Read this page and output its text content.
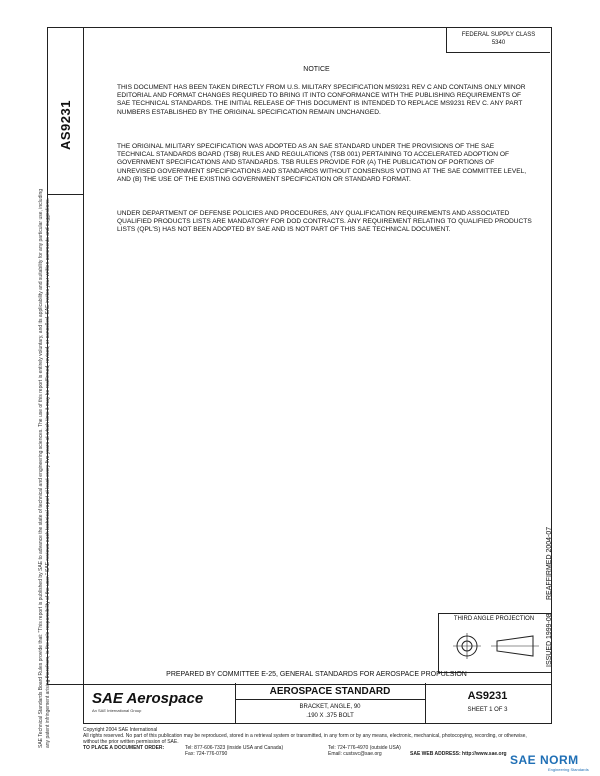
AS9231
FEDERAL SUPPLY CLASS
5340
NOTICE
THIS DOCUMENT HAS BEEN TAKEN DIRECTLY FROM U.S. MILITARY SPECIFICATION MS9231 REV C AND CONTAINS ONLY MINOR EDITORIAL AND FORMAT CHANGES REQUIRED TO BRING IT INTO CONFORMANCE WITH THE PUBLISHING REQUIREMENTS OF SAE TECHNICAL STANDARDS. THE INITIAL RELEASE OF THIS DOCUMENT IS INTENDED TO REPLACE MS9231 REV C. ANY PART NUMBERS ESTABLISHED BY THE ORIGINAL SPECIFICATION REMAIN UNCHANGED.
THE ORIGINAL MILITARY SPECIFICATION WAS ADOPTED AS AN SAE STANDARD UNDER THE PROVISIONS OF THE SAE TECHNICAL STANDARDS BOARD (TSB) RULES AND REGULATIONS (TSB 001) PERTAINING TO ACCELERATED ADOPTION OF GOVERNMENT SPECIFICATIONS AND STANDARDS. TSB RULES PROVIDE FOR (A) THE PUBLICATION OF PORTIONS OF UNREVISED GOVERNMENT SPECIFICATIONS AND STANDARDS WITHOUT CONSENSUS VOTING AT THE SAE COMMITTEE LEVEL, AND (B) THE USE OF THE EXISTING GOVERNMENT SPECIFICATION OR STANDARD FORMAT.
UNDER DEPARTMENT OF DEFENSE POLICIES AND PROCEDURES, ANY QUALIFICATION REQUIREMENTS AND ASSOCIATED QUALIFIED PRODUCTS LISTS ARE MANDATORY FOR DOD CONTRACTS. ANY REQUIREMENT RELATING TO QUALIFIED PRODUCTS LISTS (QPL'S) HAS NOT BEEN ADOPTED BY SAE AND IS NOT PART OF THIS SAE TECHNICAL DOCUMENT.
SAE Technical Standards Board Rules provide that: "This report is published by SAE to advance the state of technical and engineering sciences. The use of this report is entirely voluntary, and its applicability and suitability for any particular use, including any patent infringement arising therefrom, is the sole responsibility of the user." SAE reviews each technical report at least every five years at which time it may be reaffirmed, revised, or cancelled. SAE invites your written comments and suggestions.	REAFFIRMED 2004-07
ISSUED 1999-08
THIRD ANGLE PROJECTION
PREPARED BY COMMITTEE E-25, GENERAL STANDARDS FOR AEROSPACE PROPULSION
SAE Aerospace
An SAE International Group
AEROSPACE STANDARD
BRACKET, ANGLE, 90
.190 X .375 BOLT
AS9231
SHEET 1 OF 3
Copyright 2004 SAE International
All rights reserved. No part of this publication may be reproduced, stored in a retrieval system or transmitted, in any form or by any means, electronic, mechanical, photocopying, recording, or otherwise, without the prior written permission of SAE.
TO PLACE A DOCUMENT ORDER:	Tel: 877-606-7323 (inside USA and Canada)
Fax: 724-776-0790
Tel: 724-776-4970 (outside USA)
Email: custsvc@sae.org	SAE WEB ADDRESS: http://www.sae.org SAE NORM
Engineering Standards
